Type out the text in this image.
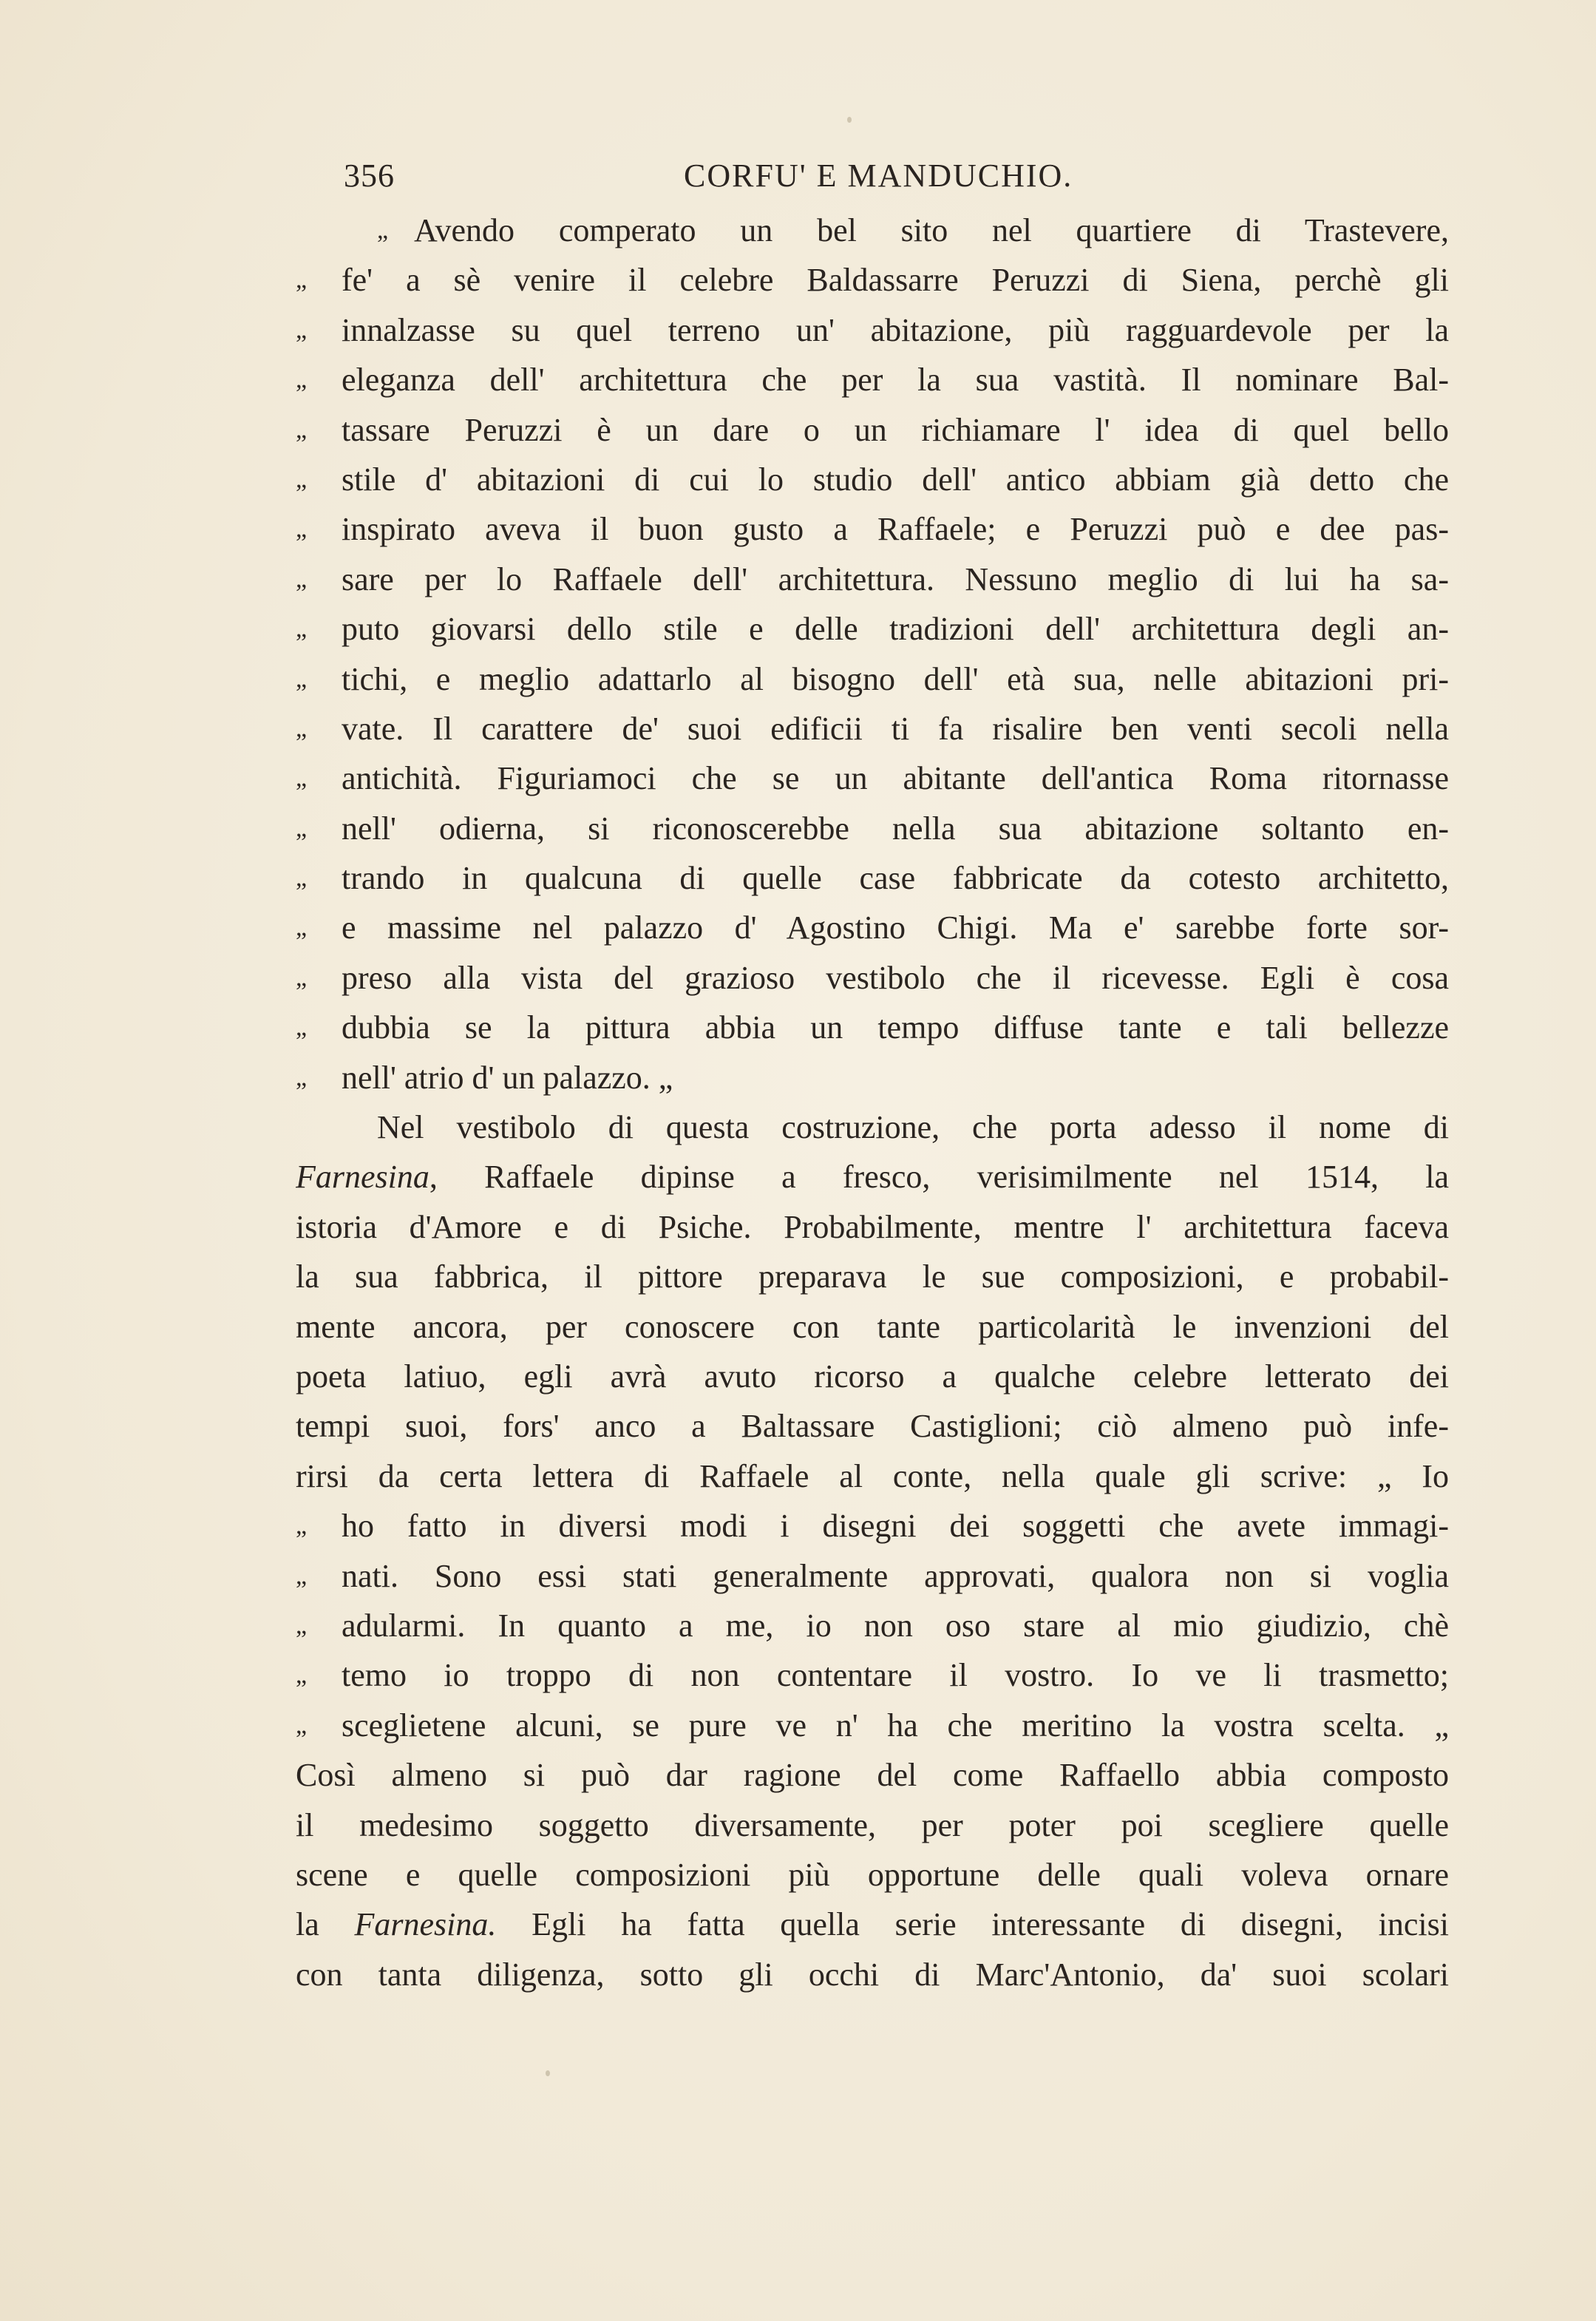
356	CORFU' E MANDUCHIO.
„ Avendo comperato un bel sito nel quartiere di Trastevere,
„	fe' a sè venire il celebre Baldassarre Peruzzi di Siena, perchè gli
„	innalzasse su quel terreno un' abitazione, più ragguardevole per la
„	eleganza dell' architettura che per la sua vastità. Il nominare Bal-
„	tassare Peruzzi è un dare o un richiamare l' idea di quel bello
„	stile d' abitazioni di cui lo studio dell' antico abbiam già detto che
„	inspirato aveva il buon gusto a Raffaele; e Peruzzi può e dee pas-
„	sare per lo Raffaele dell' architettura. Nessuno meglio di lui ha sa-
„	puto giovarsi dello stile e delle tradizioni dell' architettura degli an-
„	tichi, e meglio adattarlo al bisogno dell' età sua, nelle abitazioni pri-
„	vate. Il carattere de' suoi edificii ti fa risalire ben venti secoli nella
„	antichità. Figuriamoci che se un abitante dell'antica Roma ritornasse
„	nell' odierna, si riconoscerebbe nella sua abitazione soltanto en-
„	trando in qualcuna di quelle case fabbricate da cotesto architetto,
„	e massime nel palazzo d' Agostino Chigi. Ma e' sarebbe forte sor-
„	preso alla vista del grazioso vestibolo che il ricevesse. Egli è cosa
„	dubbia se la pittura abbia un tempo diffuse tante e tali bellezze
„	nell' atrio d' un palazzo. „
Nel vestibolo di questa costruzione, che porta adesso il nome di
Farnesina, Raffaele dipinse a fresco, verisimilmente nel 1514, la
istoria d'Amore e di Psiche. Probabilmente, mentre l' architettura faceva
la sua fabbrica, il pittore preparava le sue composizioni, e probabil-
mente ancora, per conoscere con tante particolarità le invenzioni del
poeta latiuo, egli avrà avuto ricorso a qualche celebre letterato dei
tempi suoi, fors' anco a Baltassare Castiglioni; ciò almeno può infe-
rirsi da certa lettera di Raffaele al conte, nella quale gli scrive: „ Io
„	ho fatto in diversi modi i disegni dei soggetti che avete immagi-
„	nati. Sono essi stati generalmente approvati, qualora non si voglia
„	adularmi. In quanto a me, io non oso stare al mio giudizio, chè
„	temo io troppo di non contentare il vostro. Io ve li trasmetto;
„	sceglietene alcuni, se pure ve n' ha che meritino la vostra scelta. „
Così almeno si può dar ragione del come Raffaello abbia composto
il medesimo soggetto diversamente, per poter poi scegliere quelle
scene e quelle composizioni più opportune delle quali voleva ornare
la Farnesina. Egli ha fatta quella serie interessante di disegni, incisi
con tanta diligenza, sotto gli occhi di Marc'Antonio, da' suoi scolari
